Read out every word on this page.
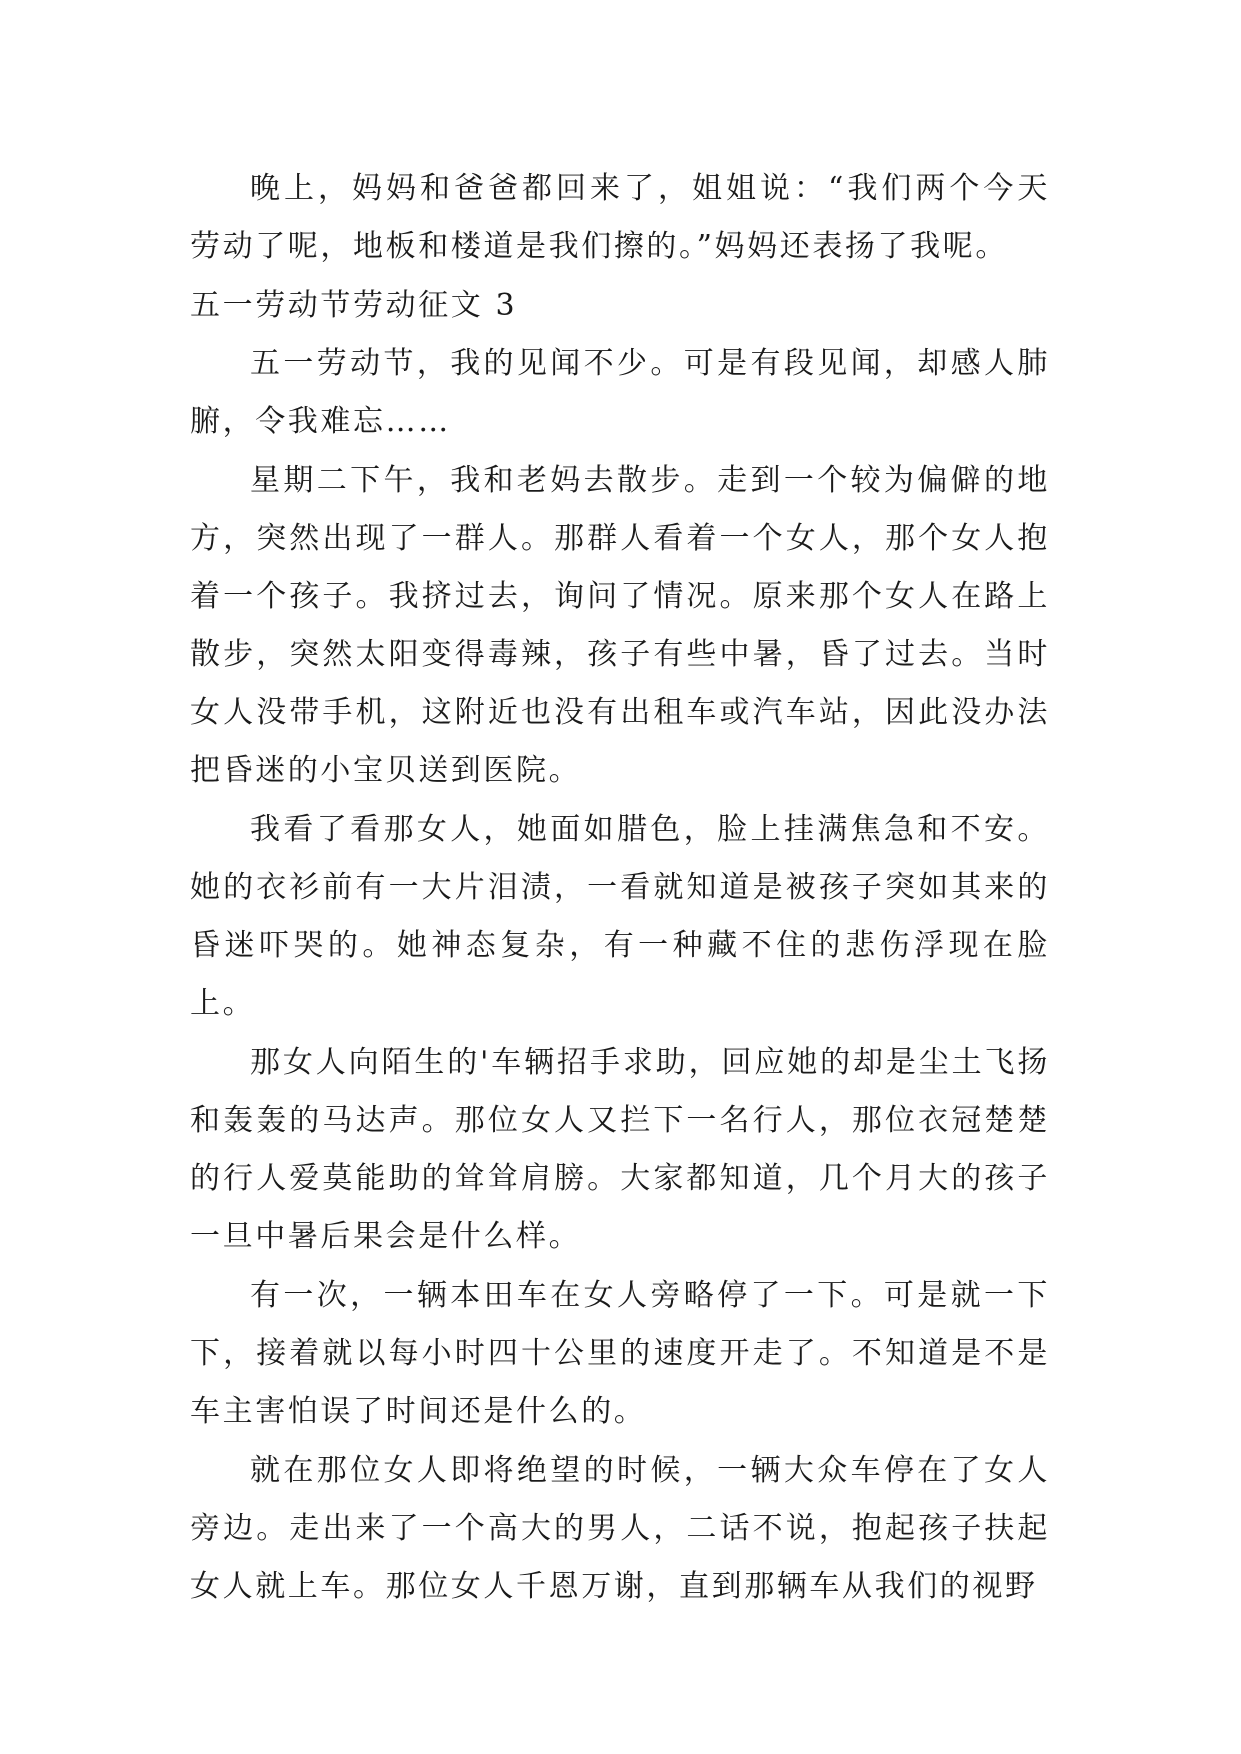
晚上，妈妈和爸爸都回来了，姐姐说：“我们两个今天劳动了呢，地板和楼道是我们擦的。”妈妈还表扬了我呢。

五一劳动节劳动征文 3

五一劳动节，我的见闻不少。可是有段见闻，却感人肺腑，令我难忘……

星期二下午，我和老妈去散步。走到一个较为偏僻的地方，突然出现了一群人。那群人看着一个女人，那个女人抱着一个孩子。我挤过去，询问了情况。原来那个女人在路上散步，突然太阳变得毒辣，孩子有些中暑，昏了过去。当时女人没带手机，这附近也没有出租车或汽车站，因此没办法把昏迷的小宝贝送到医院。

我看了看那女人，她面如腊色，脸上挂满焦急和不安。她的衣衫前有一大片泪渍，一看就知道是被孩子突如其来的昏迷吓哭的。她神态复杂，有一种藏不住的悲伤浮现在脸上。

那女人向陌生的'车辆招手求助，回应她的却是尘土飞扬和轰轰的马达声。那位女人又拦下一名行人，那位衣冠楚楚的行人爱莫能助的耸耸肩膀。大家都知道，几个月大的孩子一旦中暑后果会是什么样。

有一次，一辆本田车在女人旁略停了一下。可是就一下下，接着就以每小时四十公里的速度开走了。不知道是不是车主害怕误了时间还是什么的。

就在那位女人即将绝望的时候，一辆大众车停在了女人旁边。走出来了一个高大的男人，二话不说，抱起孩子扶起女人就上车。那位女人千恩万谢，直到那辆车从我们的视野
